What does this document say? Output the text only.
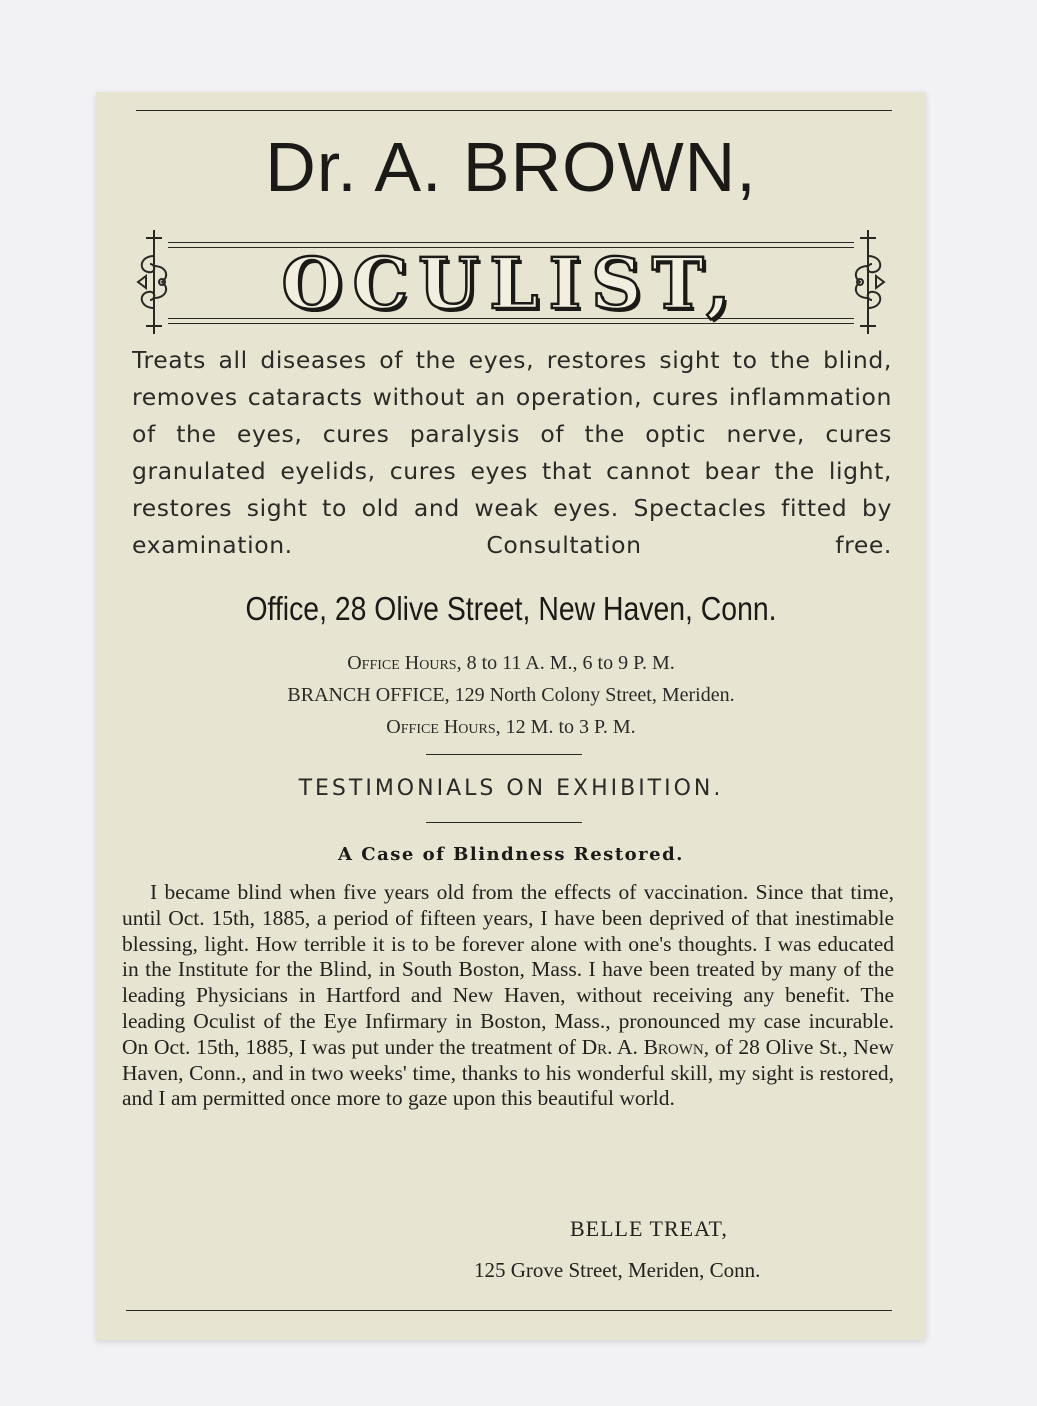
Dr. A. BROWN,
OCULIST,
Treats all diseases of the eyes, restores sight to the blind, removes cataracts without an operation, cures inflammation of the eyes, cures paralysis of the optic nerve, cures granulated eyelids, cures eyes that cannot bear the light, restores sight to old and weak eyes. Spectacles fitted by examination. Consultation free.
Office, 28 Olive Street, New Haven, Conn.
Office Hours, 8 to 11 A. M., 6 to 9 P. M.
BRANCH OFFICE, 129 North Colony Street, Meriden.
Office Hours, 12 M. to 3 P. M.
TESTIMONIALS ON EXHIBITION.
A Case of Blindness Restored.
I became blind when five years old from the effects of vaccination. Since that time, until Oct. 15th, 1885, a period of fifteen years, I have been deprived of that inestimable blessing, light. How terrible it is to be forever alone with one's thoughts. I was educated in the Institute for the Blind, in South Boston, Mass. I have been treated by many of the leading Physicians in Hartford and New Haven, without receiving any benefit. The leading Oculist of the Eye Infirmary in Boston, Mass., pronounced my case incurable. On Oct. 15th, 1885, I was put under the treatment of Dr. A. Brown, of 28 Olive St., New Haven, Conn., and in two weeks' time, thanks to his wonderful skill, my sight is restored, and I am permitted once more to gaze upon this beautiful world.
BELLE TREAT,
125 Grove Street, Meriden, Conn.
